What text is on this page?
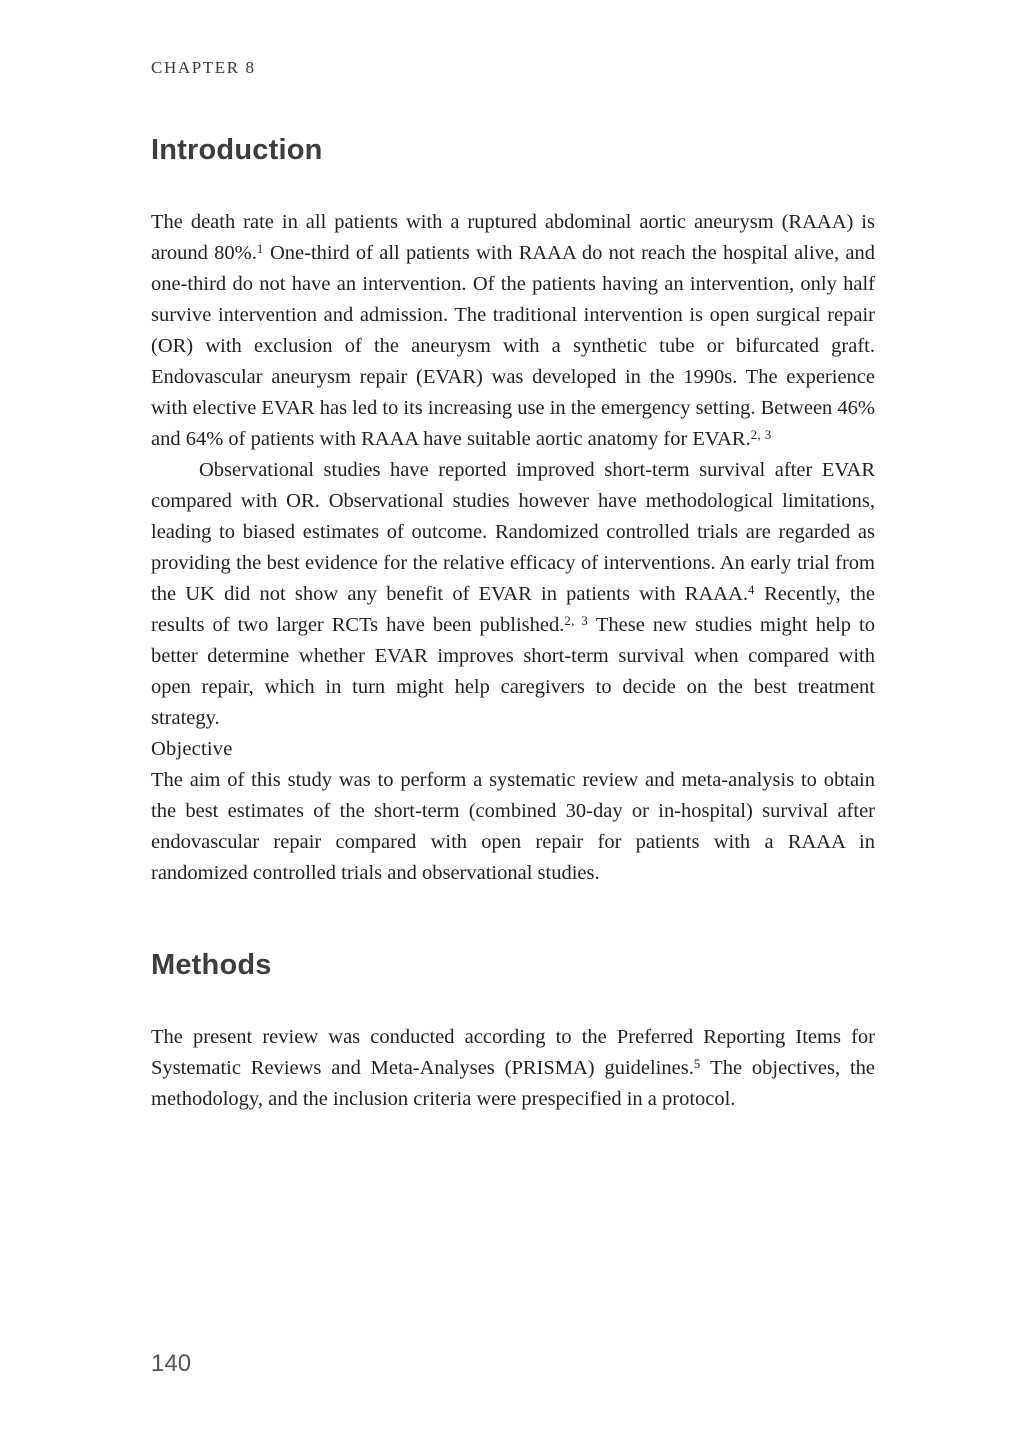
CHAPTER 8
Introduction

The death rate in all patients with a ruptured abdominal aortic aneurysm (RAAA) is around 80%.$^1$ One-third of all patients with RAAA do not reach the hospital alive, and one-third do not have an intervention. Of the patients having an intervention, only half survive intervention and admission. The traditional intervention is open surgical repair (OR) with exclusion of the aneurysm with a synthetic tube or bifurcated graft. Endovascular aneurysm repair (EVAR) was developed in the 1990s. The experience with elective EVAR has led to its increasing use in the emergency setting. Between 46% and 64% of patients with RAAA have suitable aortic anatomy for EVAR.$^{2, 3}$

Observational studies have reported improved short-term survival after EVAR compared with OR. Observational studies however have methodological limitations, leading to biased estimates of outcome. Randomized controlled trials are regarded as providing the best evidence for the relative efficacy of interventions. An early trial from the UK did not show any benefit of EVAR in patients with RAAA.$^4$ Recently, the results of two larger RCTs have been published.$^{2, 3}$ These new studies might help to better determine whether EVAR improves short-term survival when compared with open repair, which in turn might help caregivers to decide on the best treatment strategy.

Objective

The aim of this study was to perform a systematic review and meta-analysis to obtain the best estimates of the short-term (combined 30-day or in-hospital) survival after endovascular repair compared with open repair for patients with a RAAA in randomized controlled trials and observational studies.

Methods

The present review was conducted according to the Preferred Reporting Items for Systematic Reviews and Meta-Analyses (PRISMA) guidelines.$^5$ The objectives, the methodology, and the inclusion criteria were prespecified in a protocol.

140
